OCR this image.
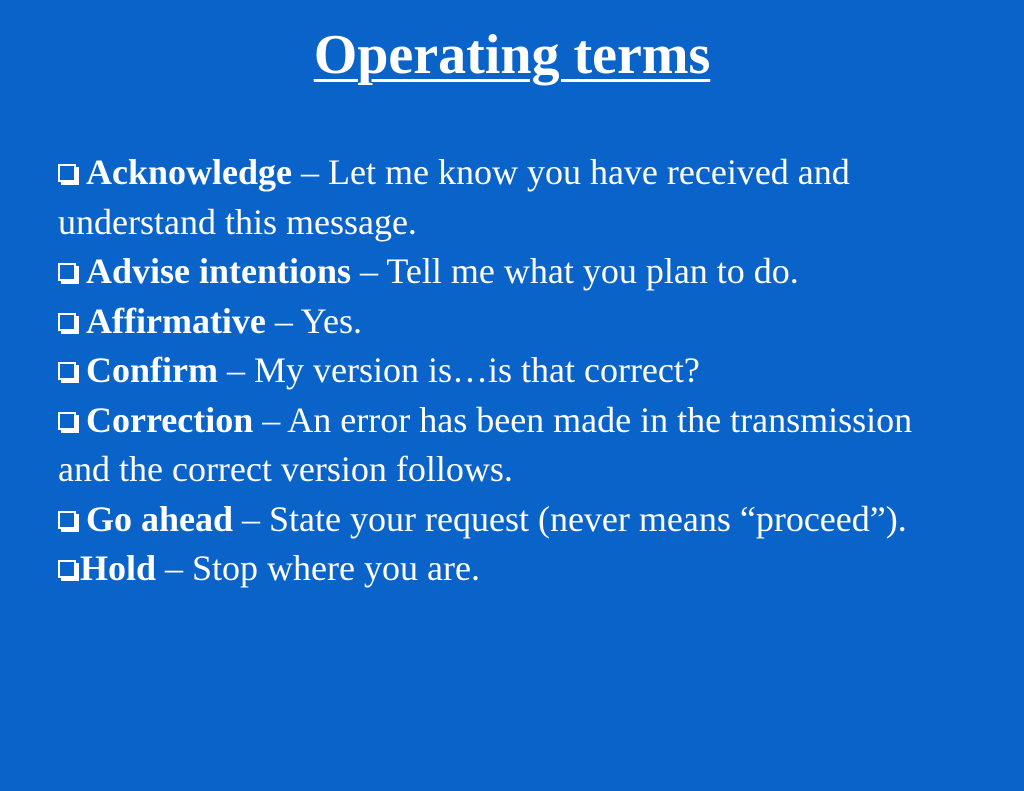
Operating terms
Acknowledge – Let me know you have received and understand this message.
Advise intentions – Tell me what you plan to do.
Affirmative – Yes.
Confirm – My version is…is that correct?
Correction – An error has been made in the transmission and the correct version follows.
Go ahead – State your request (never means “proceed”).
Hold – Stop where you are.
